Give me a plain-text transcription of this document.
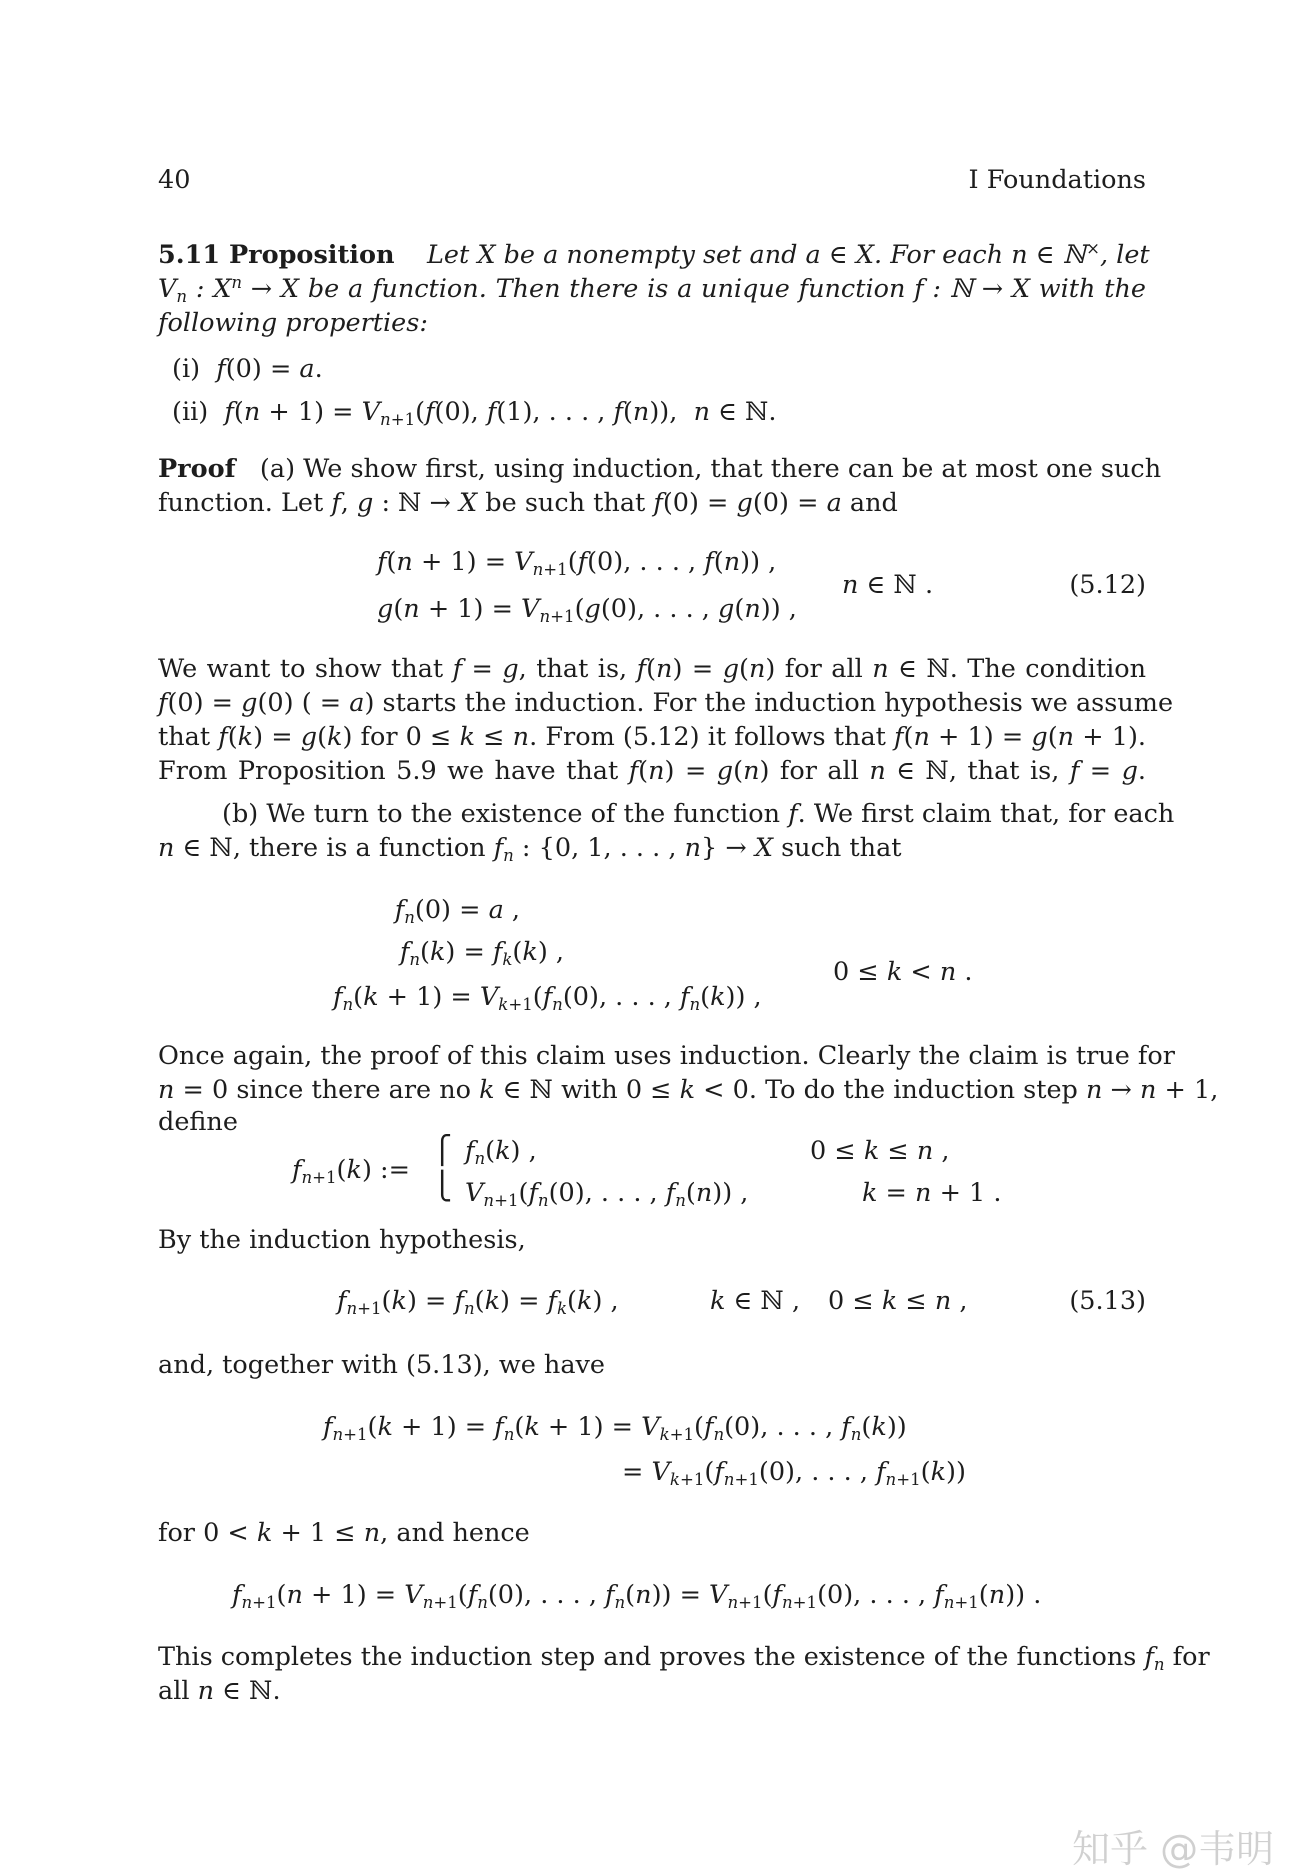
40	I Foundations
5.11 Proposition Let X be a nonempty set and a ∈ X. For each n ∈ ℕ×, let
$V_n$ : $X^n \to X$ be a function. Then there is a unique function f : ℕ → X with the
following properties:
(i)  f(0) = a.
(ii)  $f(n + 1) = V_{n+1}(f(0)$, f(1), . . . , f(n)),  n ∈ ℕ.
Proof   (a) We show first, using induction, that there can be at most one such
function. Let f, g : ℕ → X be such that f(0) = g(0) = a and
$f(n + 1) = V_{n+1}(f(0)$, . . . , f(n)) ,
$g(n + 1) = V_{n+1}(g(0)$, . . . , g(n)) ,
n ∈ ℕ .	(5.12)
We want to show that f = g, that is, f(n) = g(n) for all n ∈ ℕ. The condition
f(0) = g(0) ( = a) starts the induction. For the induction hypothesis we assume
that f(k) = g(k) for 0 ≤ k ≤ n. From (5.12) it follows that f(n + 1) = g(n + 1).
From Proposition 5.9 we have that f(n) = g(n) for all n ∈ ℕ, that is, f = g.
(b) We turn to the existence of the function f. We first claim that, for each
n ∈ ℕ, there is a function $f_n$ : {0, 1, . . . , n} → X such that
$f_n(0) = a$ ,
$f_n(k) = f_k(k)$ ,
$f_n(k + 1) = V_{k+1}(f_n(0)$, . . . , $f_n(k)$) ,
0 ≤ k < n .
Once again, the proof of this claim uses induction. Clearly the claim is true for
n = 0 since there are no k ∈ ℕ with 0 ≤ k < 0. To do the induction step n → n + 1,
define
$f_{n+1}(k)$ :=
⎧
⎩
$f_n(k)$ ,
$V_{n+1}(f_n(0)$, . . . , $f_n(n)$) ,
0 ≤ k ≤ n ,
k = n + 1 .
By the induction hypothesis,
$f_{n+1}(k) = f_n(k) = f_k(k)$ ,	k ∈ ℕ , 0 ≤ k ≤ n ,	(5.13)
and, together with (5.13), we have
$f_{n+1}(k + 1) = f_n(k + 1) = V_{k+1}(f_n(0)$, . . . , $f_n(k)$)
= $V_{k+1}(f_{n+1}(0)$, . . . , $f_{n+1}(k)$)
for 0 < k + 1 ≤ n, and hence
$f_{n+1}(n + 1) = V_{n+1}(f_n(0)$, . . . , $f_n(n)) = V_{n+1}(f_{n+1}(0)$, . . . , $f_{n+1}(n)$) .
This completes the induction step and proves the existence of the functions $f_n$ for
all n ∈ ℕ.
知乎 @韦明
